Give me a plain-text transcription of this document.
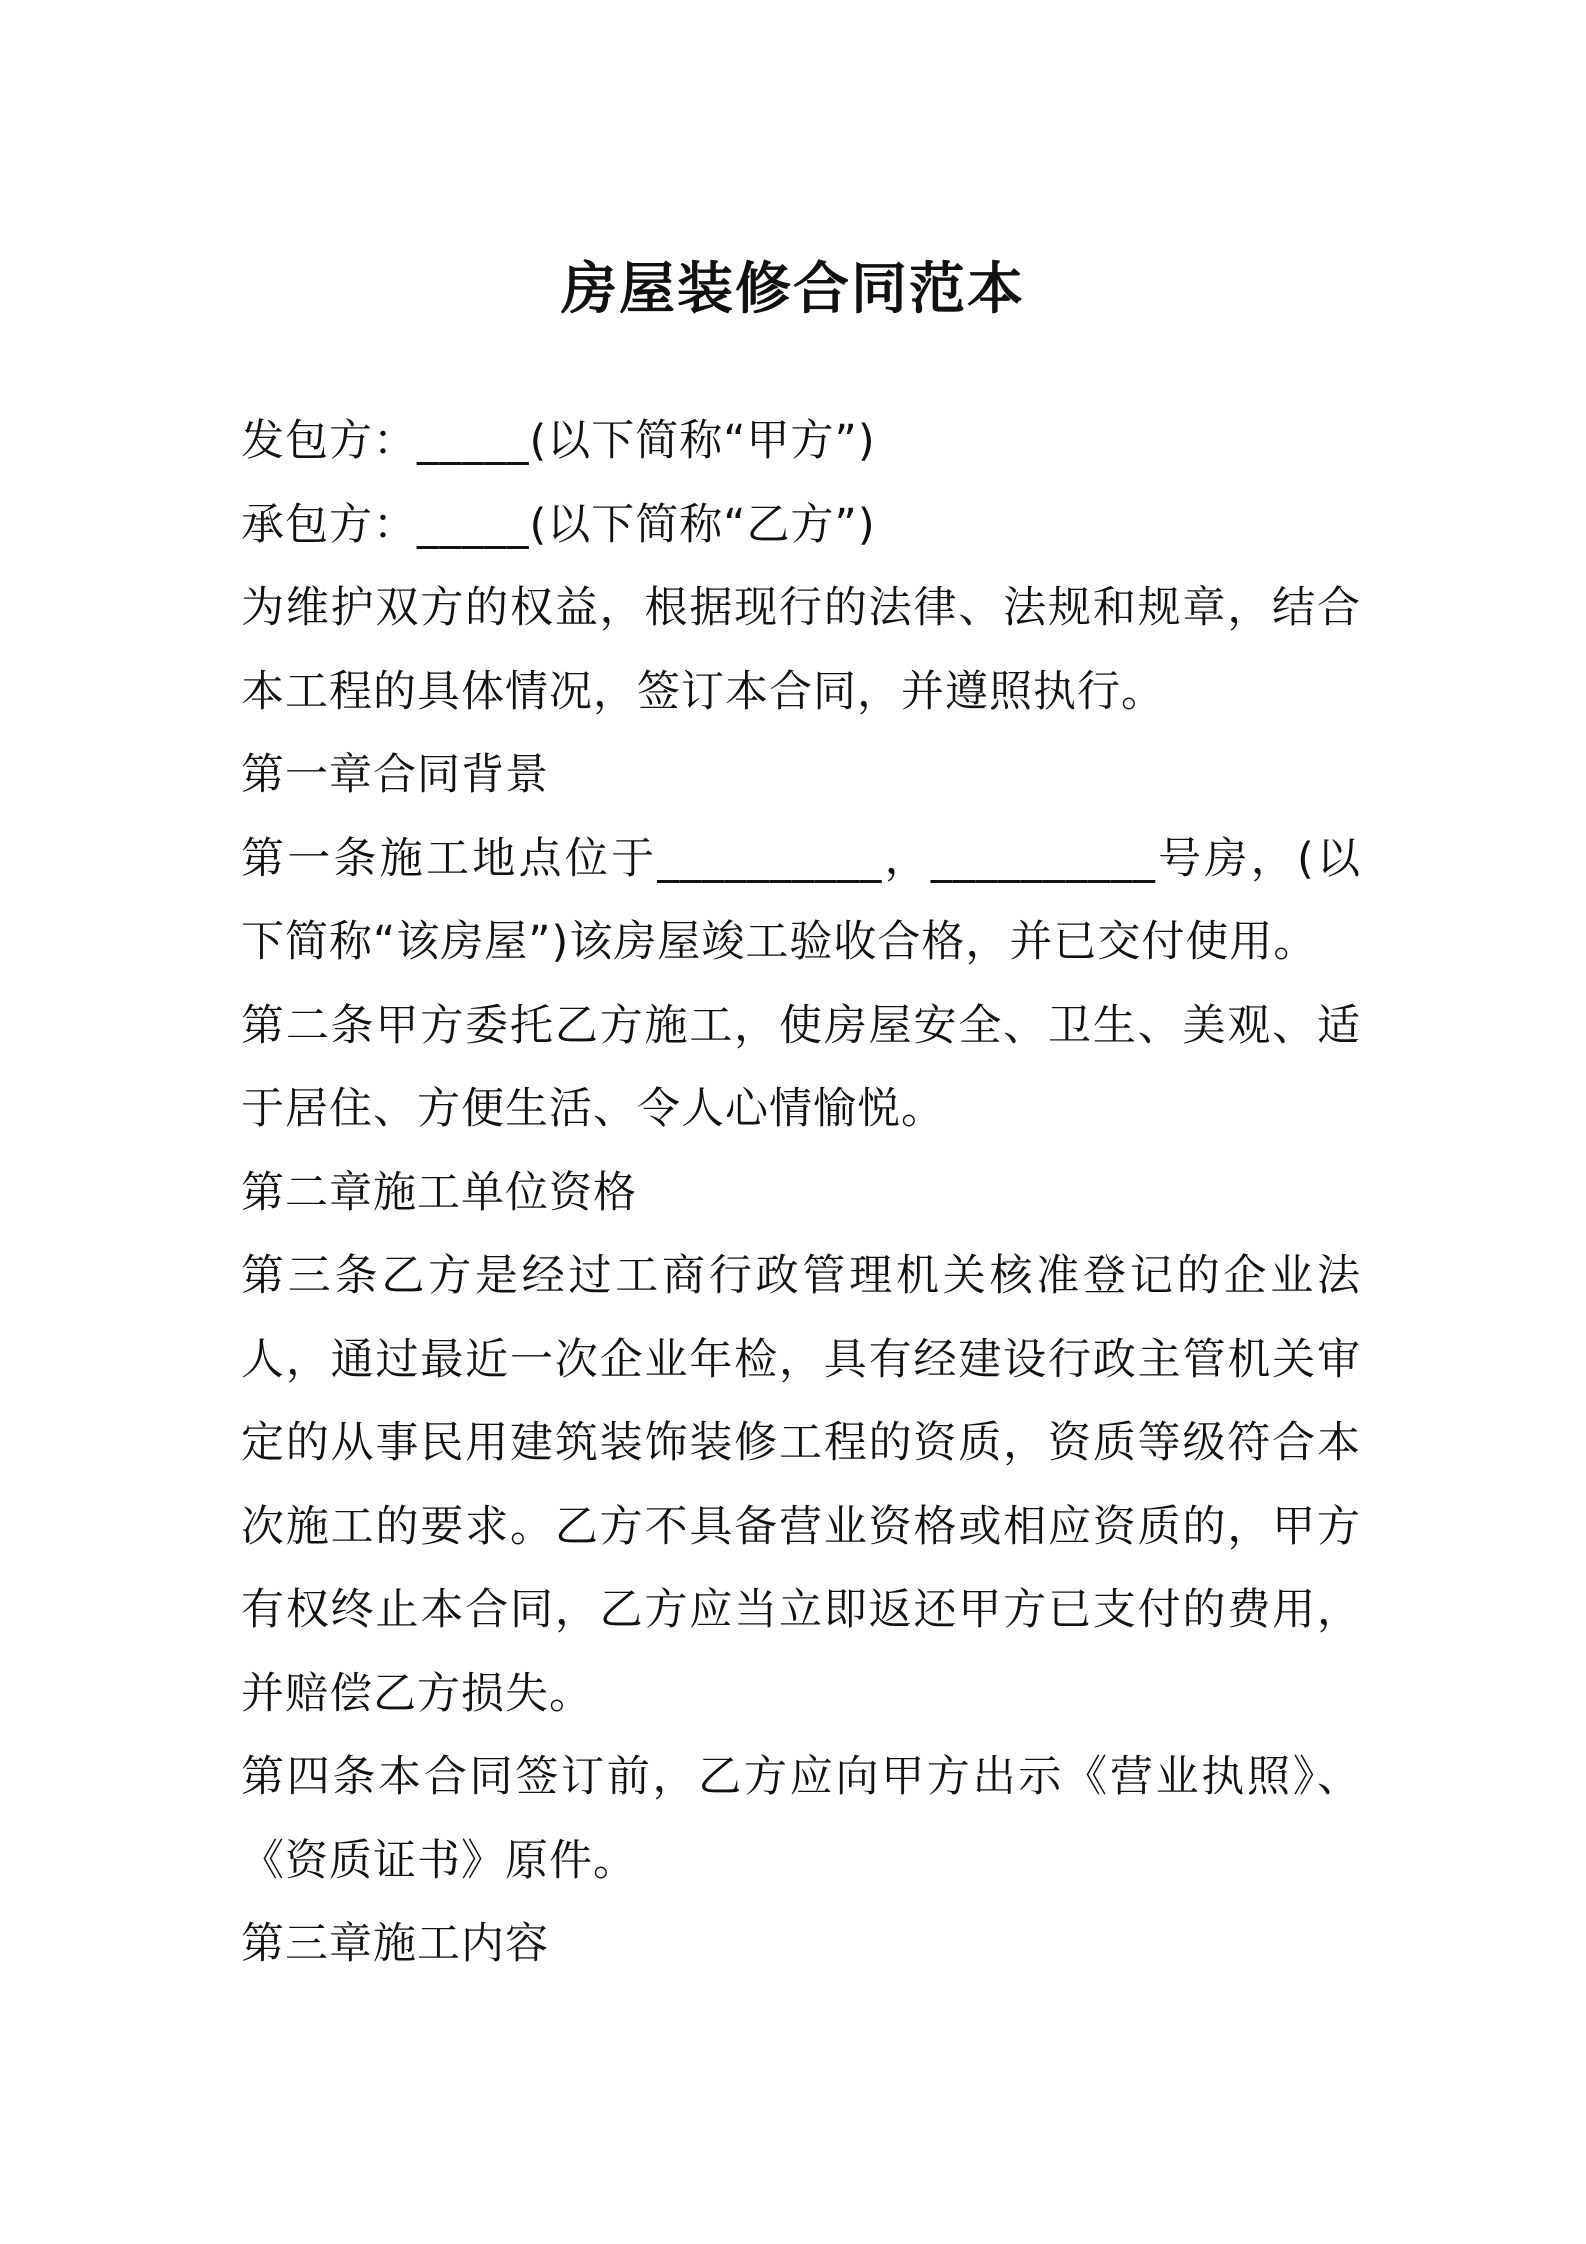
房屋装修合同范本

发包方：_____(以下简称“甲方”)

承包方：_____(以下简称“乙方”)

为维护双方的权益，根据现行的法律、法规和规章，结合本工程的具体情况，签订本合同，并遵照执行。

第一章合同背景

第一条施工地点位于__________，__________号房，(以下简称“该房屋”)该房屋竣工验收合格，并已交付使用。

第二条甲方委托乙方施工，使房屋安全、卫生、美观、适于居住、方便生活、令人心情愉悦。

第二章施工单位资格

第三条乙方是经过工商行政管理机关核准登记的企业法人，通过最近一次企业年检，具有经建设行政主管机关审定的从事民用建筑装饰装修工程的资质，资质等级符合本次施工的要求。乙方不具备营业资格或相应资质的，甲方有权终止本合同，乙方应当立即返还甲方已支付的费用，并赔偿乙方损失。

第四条本合同签订前，乙方应向甲方出示《营业执照》、《资质证书》原件。

第三章施工内容
